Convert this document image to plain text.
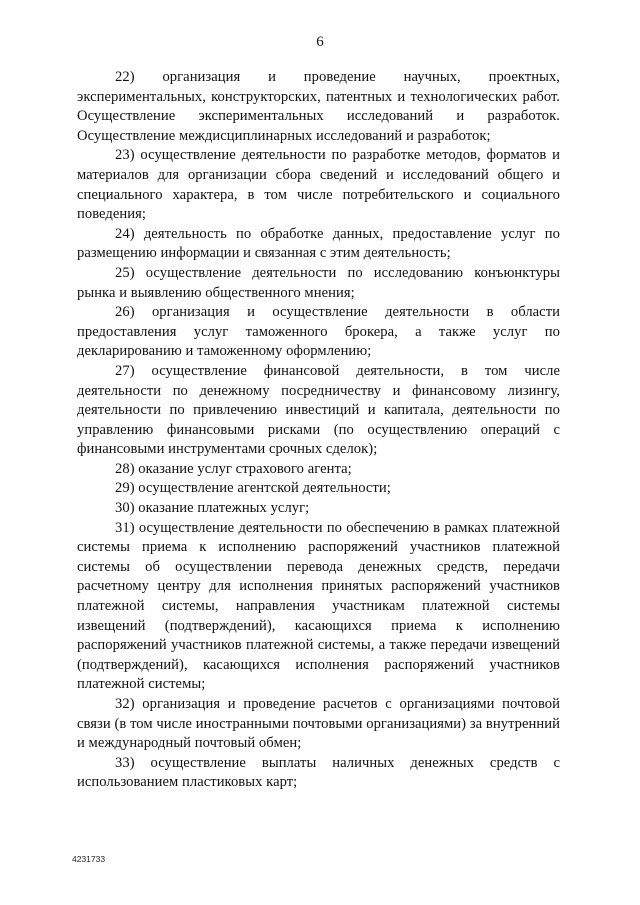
6

22) организация и проведение научных, проектных, экспериментальных, конструкторских, патентных и технологических работ. Осуществление экспериментальных исследований и разработок. Осуществление междисциплинарных исследований и разработок;

23) осуществление деятельности по разработке методов, форматов и материалов для организации сбора сведений и исследований общего и специального характера, в том числе потребительского и социального поведения;

24) деятельность по обработке данных, предоставление услуг по размещению информации и связанная с этим деятельность;

25) осуществление деятельности по исследованию конъюнктуры рынка и выявлению общественного мнения;

26) организация и осуществление деятельности в области предоставления услуг таможенного брокера, а также услуг по декларированию и таможенному оформлению;

27) осуществление финансовой деятельности, в том числе деятельности по денежному посредничеству и финансовому лизингу, деятельности по привлечению инвестиций и капитала, деятельности по управлению финансовыми рисками (по осуществлению операций с финансовыми инструментами срочных сделок);

28) оказание услуг страхового агента;

29) осуществление агентской деятельности;

30) оказание платежных услуг;

31) осуществление деятельности по обеспечению в рамках платежной системы приема к исполнению распоряжений участников платежной системы об осуществлении перевода денежных средств, передачи расчетному центру для исполнения принятых распоряжений участников платежной системы, направления участникам платежной системы извещений (подтверждений), касающихся приема к исполнению распоряжений участников платежной системы, а также передачи извещений (подтверждений), касающихся исполнения распоряжений участников платежной системы;

32) организация и проведение расчетов с организациями почтовой связи (в том числе иностранными почтовыми организациями) за внутренний и международный почтовый обмен;

33) осуществление выплаты наличных денежных средств с использованием пластиковых карт;

4231733
